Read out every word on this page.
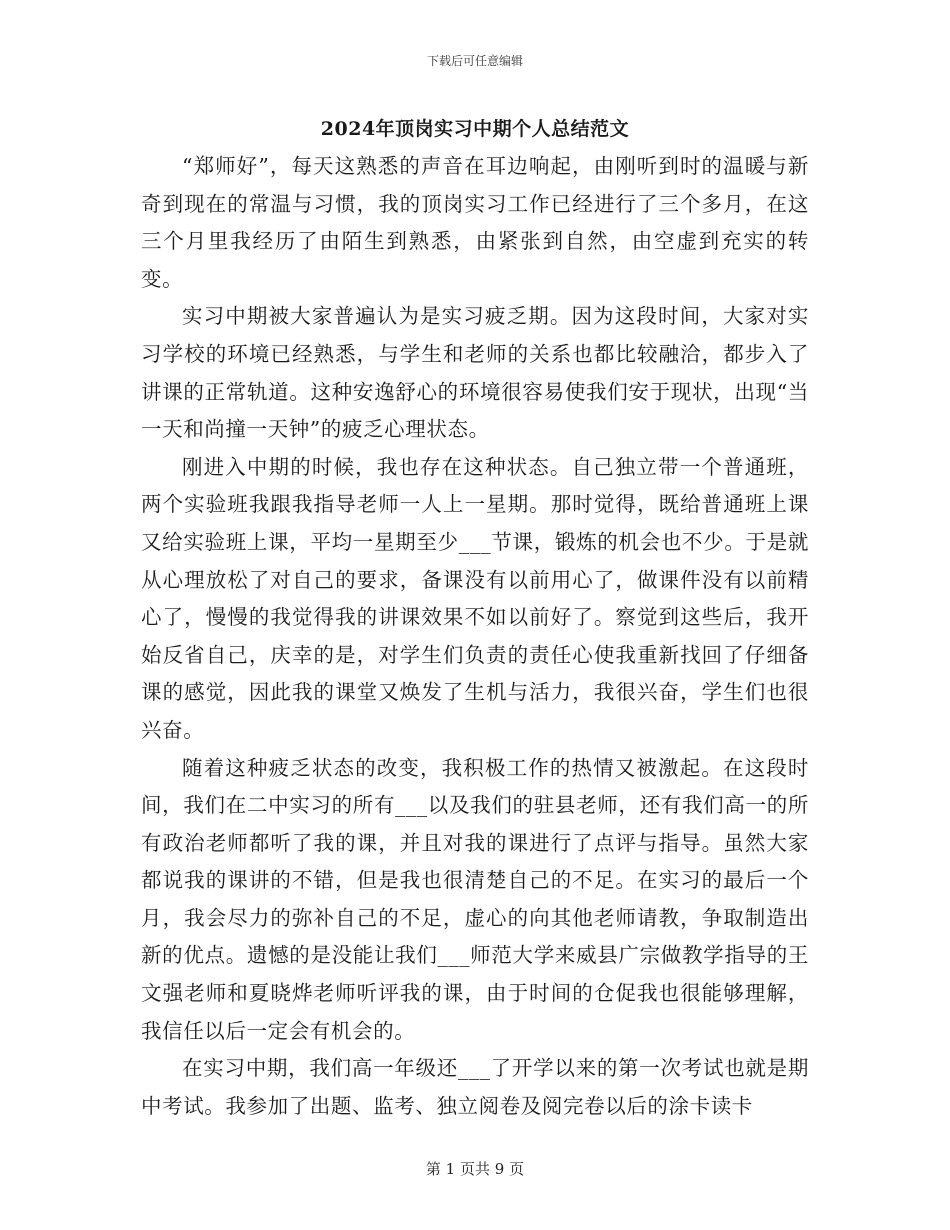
下载后可任意编辑
2024年顶岗实习中期个人总结范文

“郑师好”，每天这熟悉的声音在耳边响起，由刚听到时的温暖与新奇到现在的常温与习惯，我的顶岗实习工作已经进行了三个多月，在这三个月里我经历了由陌生到熟悉，由紧张到自然，由空虚到充实的转变。

实习中期被大家普遍认为是实习疲乏期。因为这段时间，大家对实习学校的环境已经熟悉，与学生和老师的关系也都比较融洽，都步入了讲课的正常轨道。这种安逸舒心的环境很容易使我们安于现状，出现“当一天和尚撞一天钟”的疲乏心理状态。

刚进入中期的时候，我也存在这种状态。自己独立带一个普通班，两个实验班我跟我指导老师一人上一星期。那时觉得，既给普通班上课又给实验班上课，平均一星期至少___节课，锻炼的机会也不少。于是就从心理放松了对自己的要求，备课没有以前用心了，做课件没有以前精心了，慢慢的我觉得我的讲课效果不如以前好了。察觉到这些后，我开始反省自己，庆幸的是，对学生们负责的责任心使我重新找回了仔细备课的感觉，因此我的课堂又焕发了生机与活力，我很兴奋，学生们也很兴奋。

随着这种疲乏状态的改变，我积极工作的热情又被激起。在这段时间，我们在二中实习的所有___以及我们的驻县老师，还有我们高一的所有政治老师都听了我的课，并且对我的课进行了点评与指导。虽然大家都说我的课讲的不错，但是我也很清楚自己的不足。在实习的最后一个月，我会尽力的弥补自己的不足，虚心的向其他老师请教，争取制造出新的优点。遗憾的是没能让我们___师范大学来威县广宗做教学指导的王文强老师和夏晓烨老师听评我的课，由于时间的仓促我也很能够理解，我信任以后一定会有机会的。

在实习中期，我们高一年级还___了开学以来的第一次考试也就是期中考试。我参加了出题、监考、独立阅卷及阅完卷以后的涂卡读卡

第 1 页共 9 页
